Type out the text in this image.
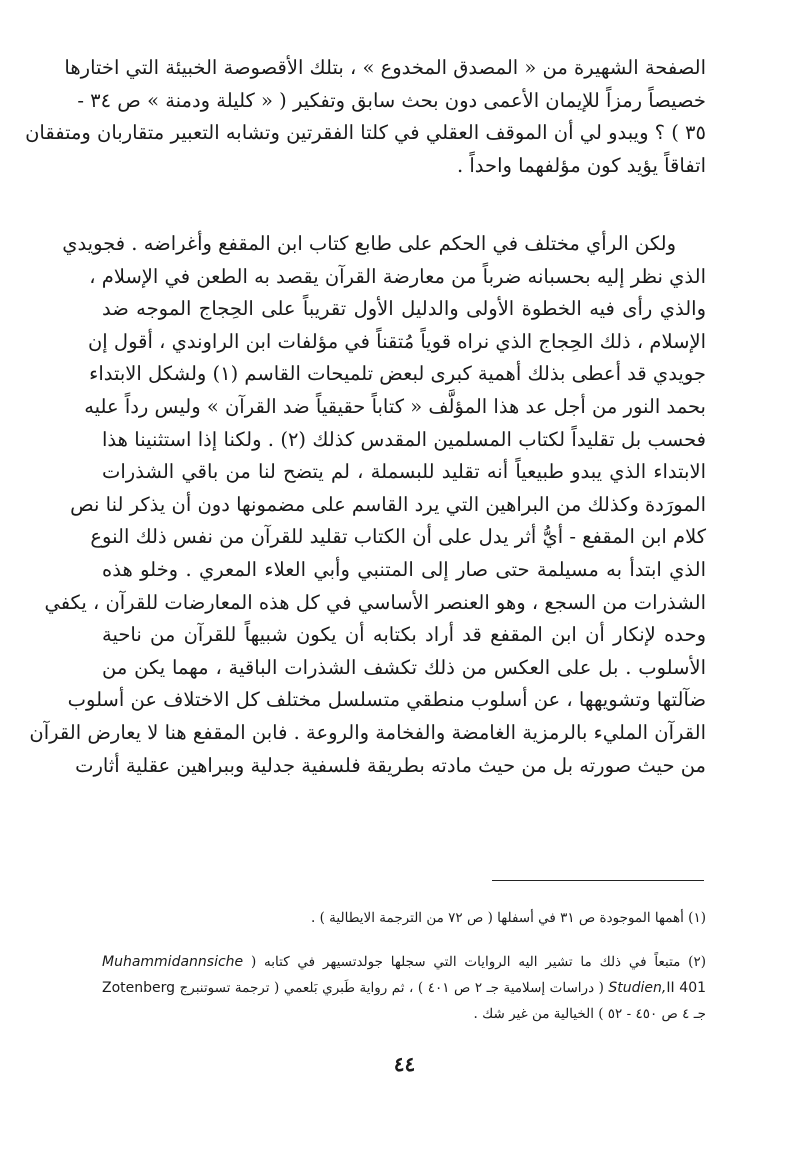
الصفحة الشهيرة من « المصدق المخدوع » ، بتلك الأقصوصة الخبيئة التي اختارها
خصيصاً رمزاً للإيمان الأعمى دون بحث سابق وتفكير ( « كليلة ودمنة » ص ٣٤ -
٣٥ ) ؟ ويبدو لي أن الموقف العقلي في كلتا الفقرتين وتشابه التعبير متقاربان ومتفقان
اتفاقاً يؤيد كون مؤلفهما واحداً .
ولكن الرأي مختلف في الحكم على طابع كتاب ابن المقفع وأغراضه . فجويدي
الذي نظر إليه بحسبانه ضرباً من معارضة القرآن يقصد به الطعن في الإسلام ،
والذي رأى فيه الخطوة الأولى والدليل الأول تقريباً على الحِجاج الموجه ضد
الإسلام ، ذلك الحِجاج الذي نراه قوياً مُتقناً في مؤلفات ابن الراوندي ، أقول إن
جويدي قد أعطى بذلك أهمية كبرى لبعض تلميحات القاسم (١) ولشكل الابتداء
بحمد النور من أجل عد هذا المؤلَّف « كتاباً حقيقياً ضد القرآن » وليس رداً عليه
فحسب بل تقليداً لكتاب المسلمين المقدس كذلك (٢) . ولكنا إذا استثنينا هذا
الابتداء الذي يبدو طبيعياً أنه تقليد للبسملة ، لم يتضح لنا من باقي الشذرات
المورَدة وكذلك من البراهين التي يرد القاسم على مضمونها دون أن يذكر لنا نص
كلام ابن المقفع - أيُّ أثر يدل على أن الكتاب تقليد للقرآن من نفس ذلك النوع
الذي ابتدأ به مسيلمة حتى صار إلى المتنبي وأبي العلاء المعري . وخلو هذه
الشذرات من السجع ، وهو العنصر الأساسي في كل هذه المعارضات للقرآن ، يكفي
وحده لإنكار أن ابن المقفع قد أراد بكتابه أن يكون شبيهاً للقرآن من ناحية
الأسلوب . بل على العكس من ذلك تكشف الشذرات الباقية ، مهما يكن من
ضآلتها وتشويهها ، عن أسلوب منطقي متسلسل مختلف كل الاختلاف عن أسلوب
القرآن المليء بالرمزية الغامضة والفخامة والروعة . فابن المقفع هنا لا يعارض القرآن
من حيث صورته بل من حيث مادته بطريقة فلسفية جدلية وببراهين عقلية أثارت
(١) أهمها الموجودة ص ٣١ في أسفلها ( ص ٧٢ من الترجمة الايطالية ) .
(٢) متبعاً في ذلك ما تشير اليه الروايات التي سجلها جولدتسيهر في كتابه ( Muhammidannsiche
Studien,II 401 ( دراسات إسلامية جـ ٢ ص ٤٠١ ) ، ثم رواية طَبري بَلعمي ( ترجمة تسوتنبرج Zotenberg
جـ ٤ ص ٤٥٠ - ٥٢ ) الخيالية من غير شك .
٤٤
